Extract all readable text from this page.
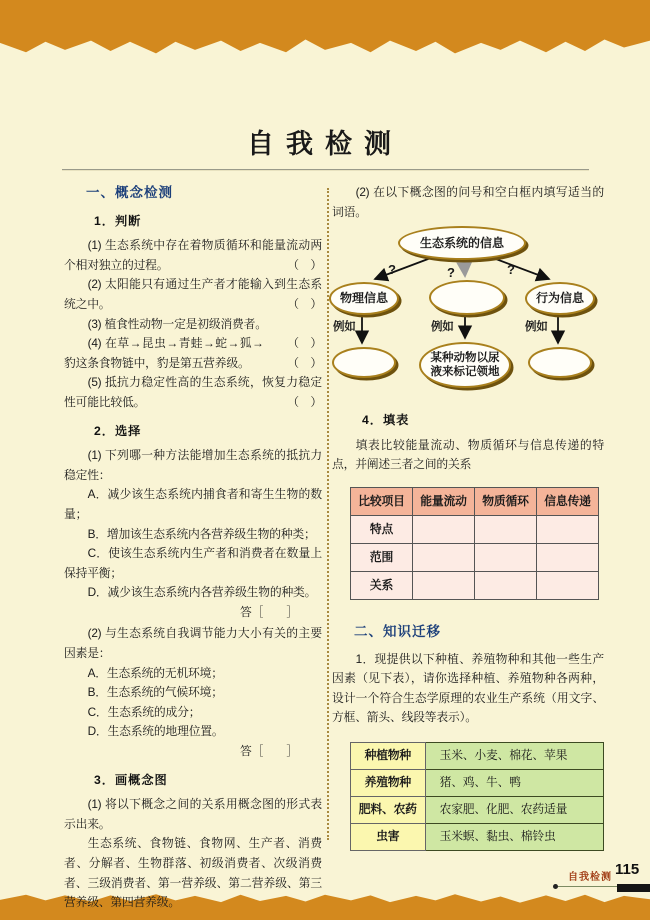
自我检测
一、概念检测
1．判断

(1) 生态系统中存在着物质循环和能量流动两个相对独立的过程。	（　）

(2) 太阳能只有通过生产者才能输入到生态系统之中。	（　）

(3) 植食性动物一定是初级消费者。
（　）

(4) 在草→昆虫→青蛙→蛇→狐→豹这条食物链中，豹是第五营养级。	（　）

(5) 抵抗力稳定性高的生态系统，恢复力稳定性可能比较低。	（　）

2．选择

(1) 下列哪一种方法能增加生态系统的抵抗力稳定性：

A．减少该生态系统内捕食者和寄生生物的数量；

B．增加该生态系统内各营养级生物的种类；

C．使该生态系统内生产者和消费者在数量上保持平衡；

D．减少该生态系统内各营养级生物的种类。

答［　　］

(2) 与生态系统自我调节能力大小有关的主要因素是：

A．生态系统的无机环境；

B．生态系统的气候环境；

C．生态系统的成分；

D．生态系统的地理位置。

答［　　］

3．画概念图

(1) 将以下概念之间的关系用概念图的形式表示出来。

生态系统、食物链、食物网、生产者、消费者、分解者、生物群落、初级消费者、次级消费者、三级消费者、第一营养级、第二营养级、第三营养级、第四营养级。

(2) 在以下概念图的问号和空白框内填写适当的词语。

生态系统的信息
?	?	?
物理信息	行为信息
例如	例如	例如
某种动物以尿液来标记领地
4．填表

填表比较能量流动、物质循环与信息传递的特点，并阐述三者之间的关系

比较项目	能量流动	物质循环	信息传递
特点			
范围			
关系			
二、知识迁移

1．现提供以下种植、养殖物种和其他一些生产因素（见下表），请你选择种植、养殖物种各两种，设计一个符合生态学原理的农业生产系统（用文字、方框、箭头、线段等表示）。

种植物种	玉米、小麦、棉花、苹果
养殖物种	猪、鸡、牛、鸭
肥料、农药	农家肥、化肥、农药适量
虫害	玉米螟、黏虫、棉铃虫
自我检测 115
